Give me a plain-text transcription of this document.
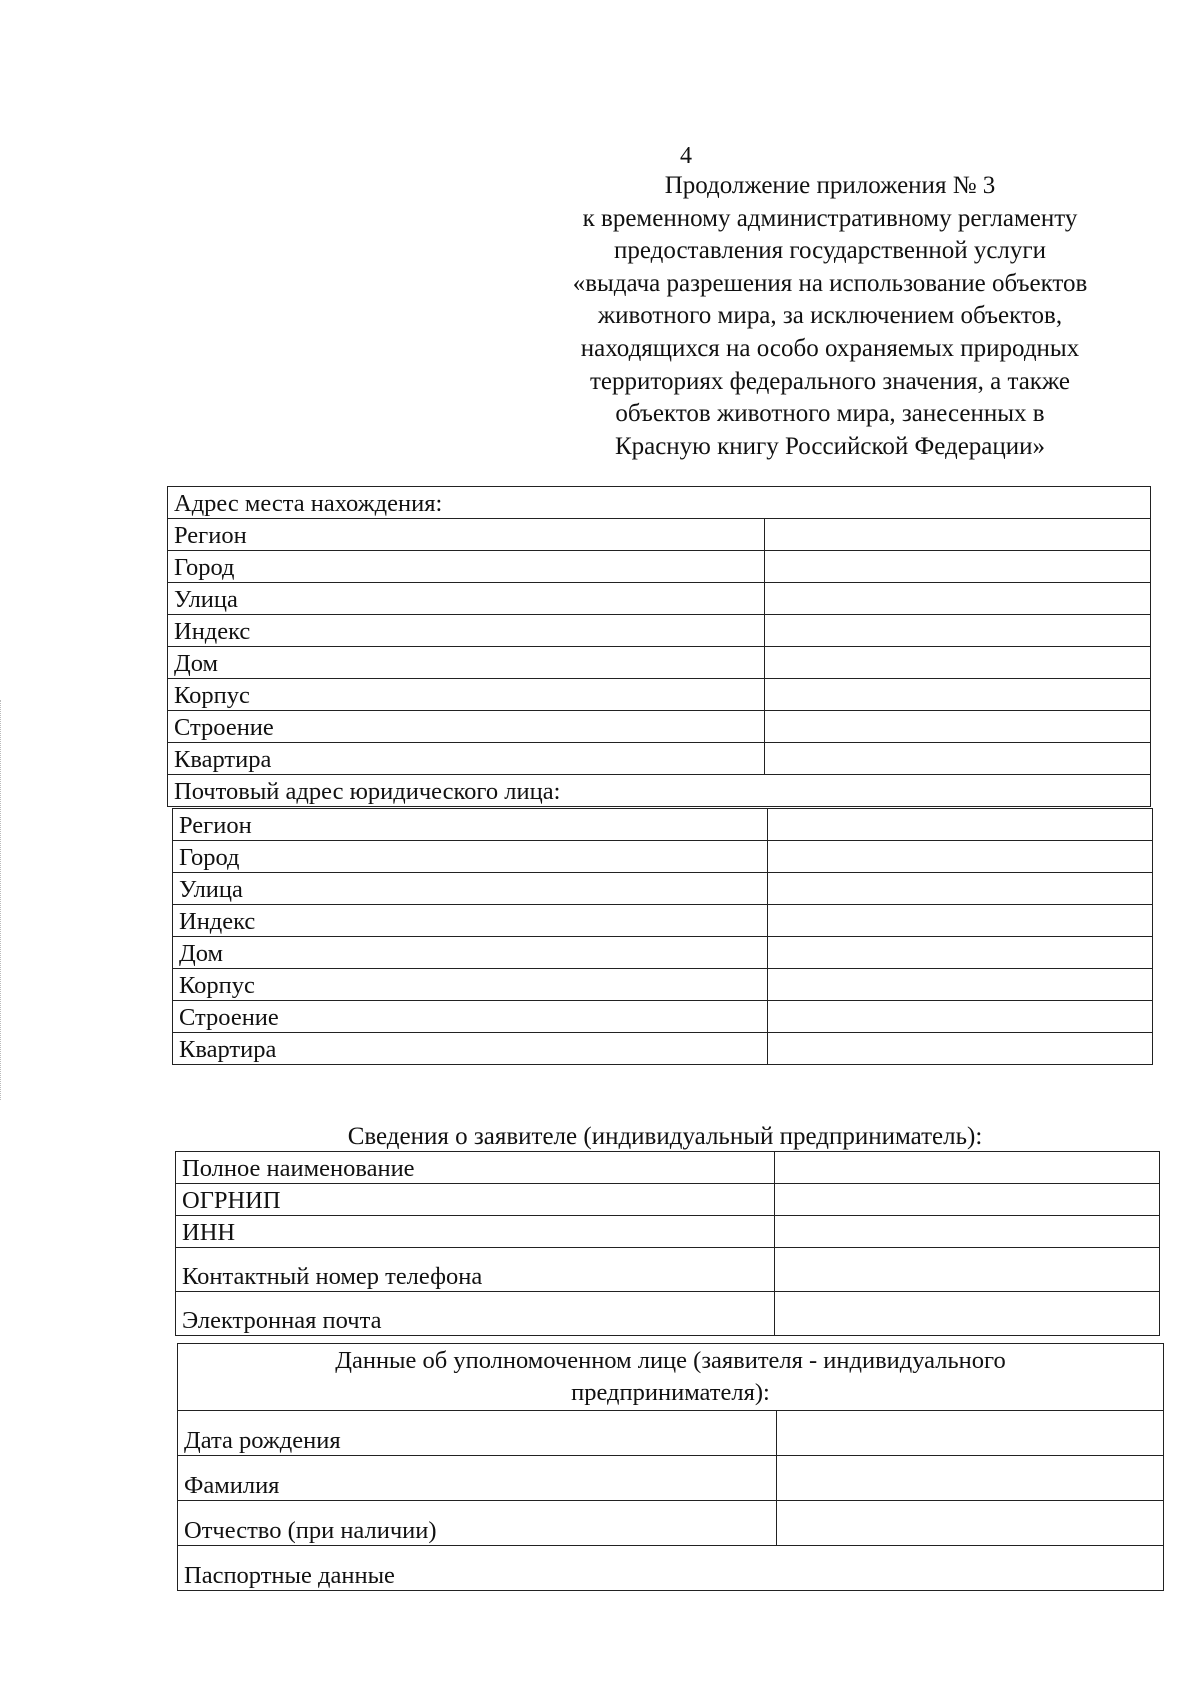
4
Продолжение приложения № 3
к временному административному регламенту
предоставления государственной услуги
«выдача разрешения на использование объектов
животного мира, за исключением объектов,
находящихся на особо охраняемых природных
территориях федерального значения, а также
объектов животного мира, занесенных в
Красную книгу Российской Федерации»
Адрес места нахождения:	
Регион	
Город	
Улица	
Индекс	
Дом	
Корпус	
Строение	
Квартира	
Почтовый адрес юридического лица:	
Регион	
Город	
Улица	
Индекс	
Дом	
Корпус	
Строение	
Квартира	
Сведения о заявителе (индивидуальный предприниматель):
Полное наименование	
ОГРНИП	
ИНН	
Контактный номер телефона	
Электронная почта	
Данные об уполномоченном лице (заявителя - индивидуального
предпринимателя):	

Дата рождения	
Фамилия	
Отчество (при наличии)	
Паспортные данные	
